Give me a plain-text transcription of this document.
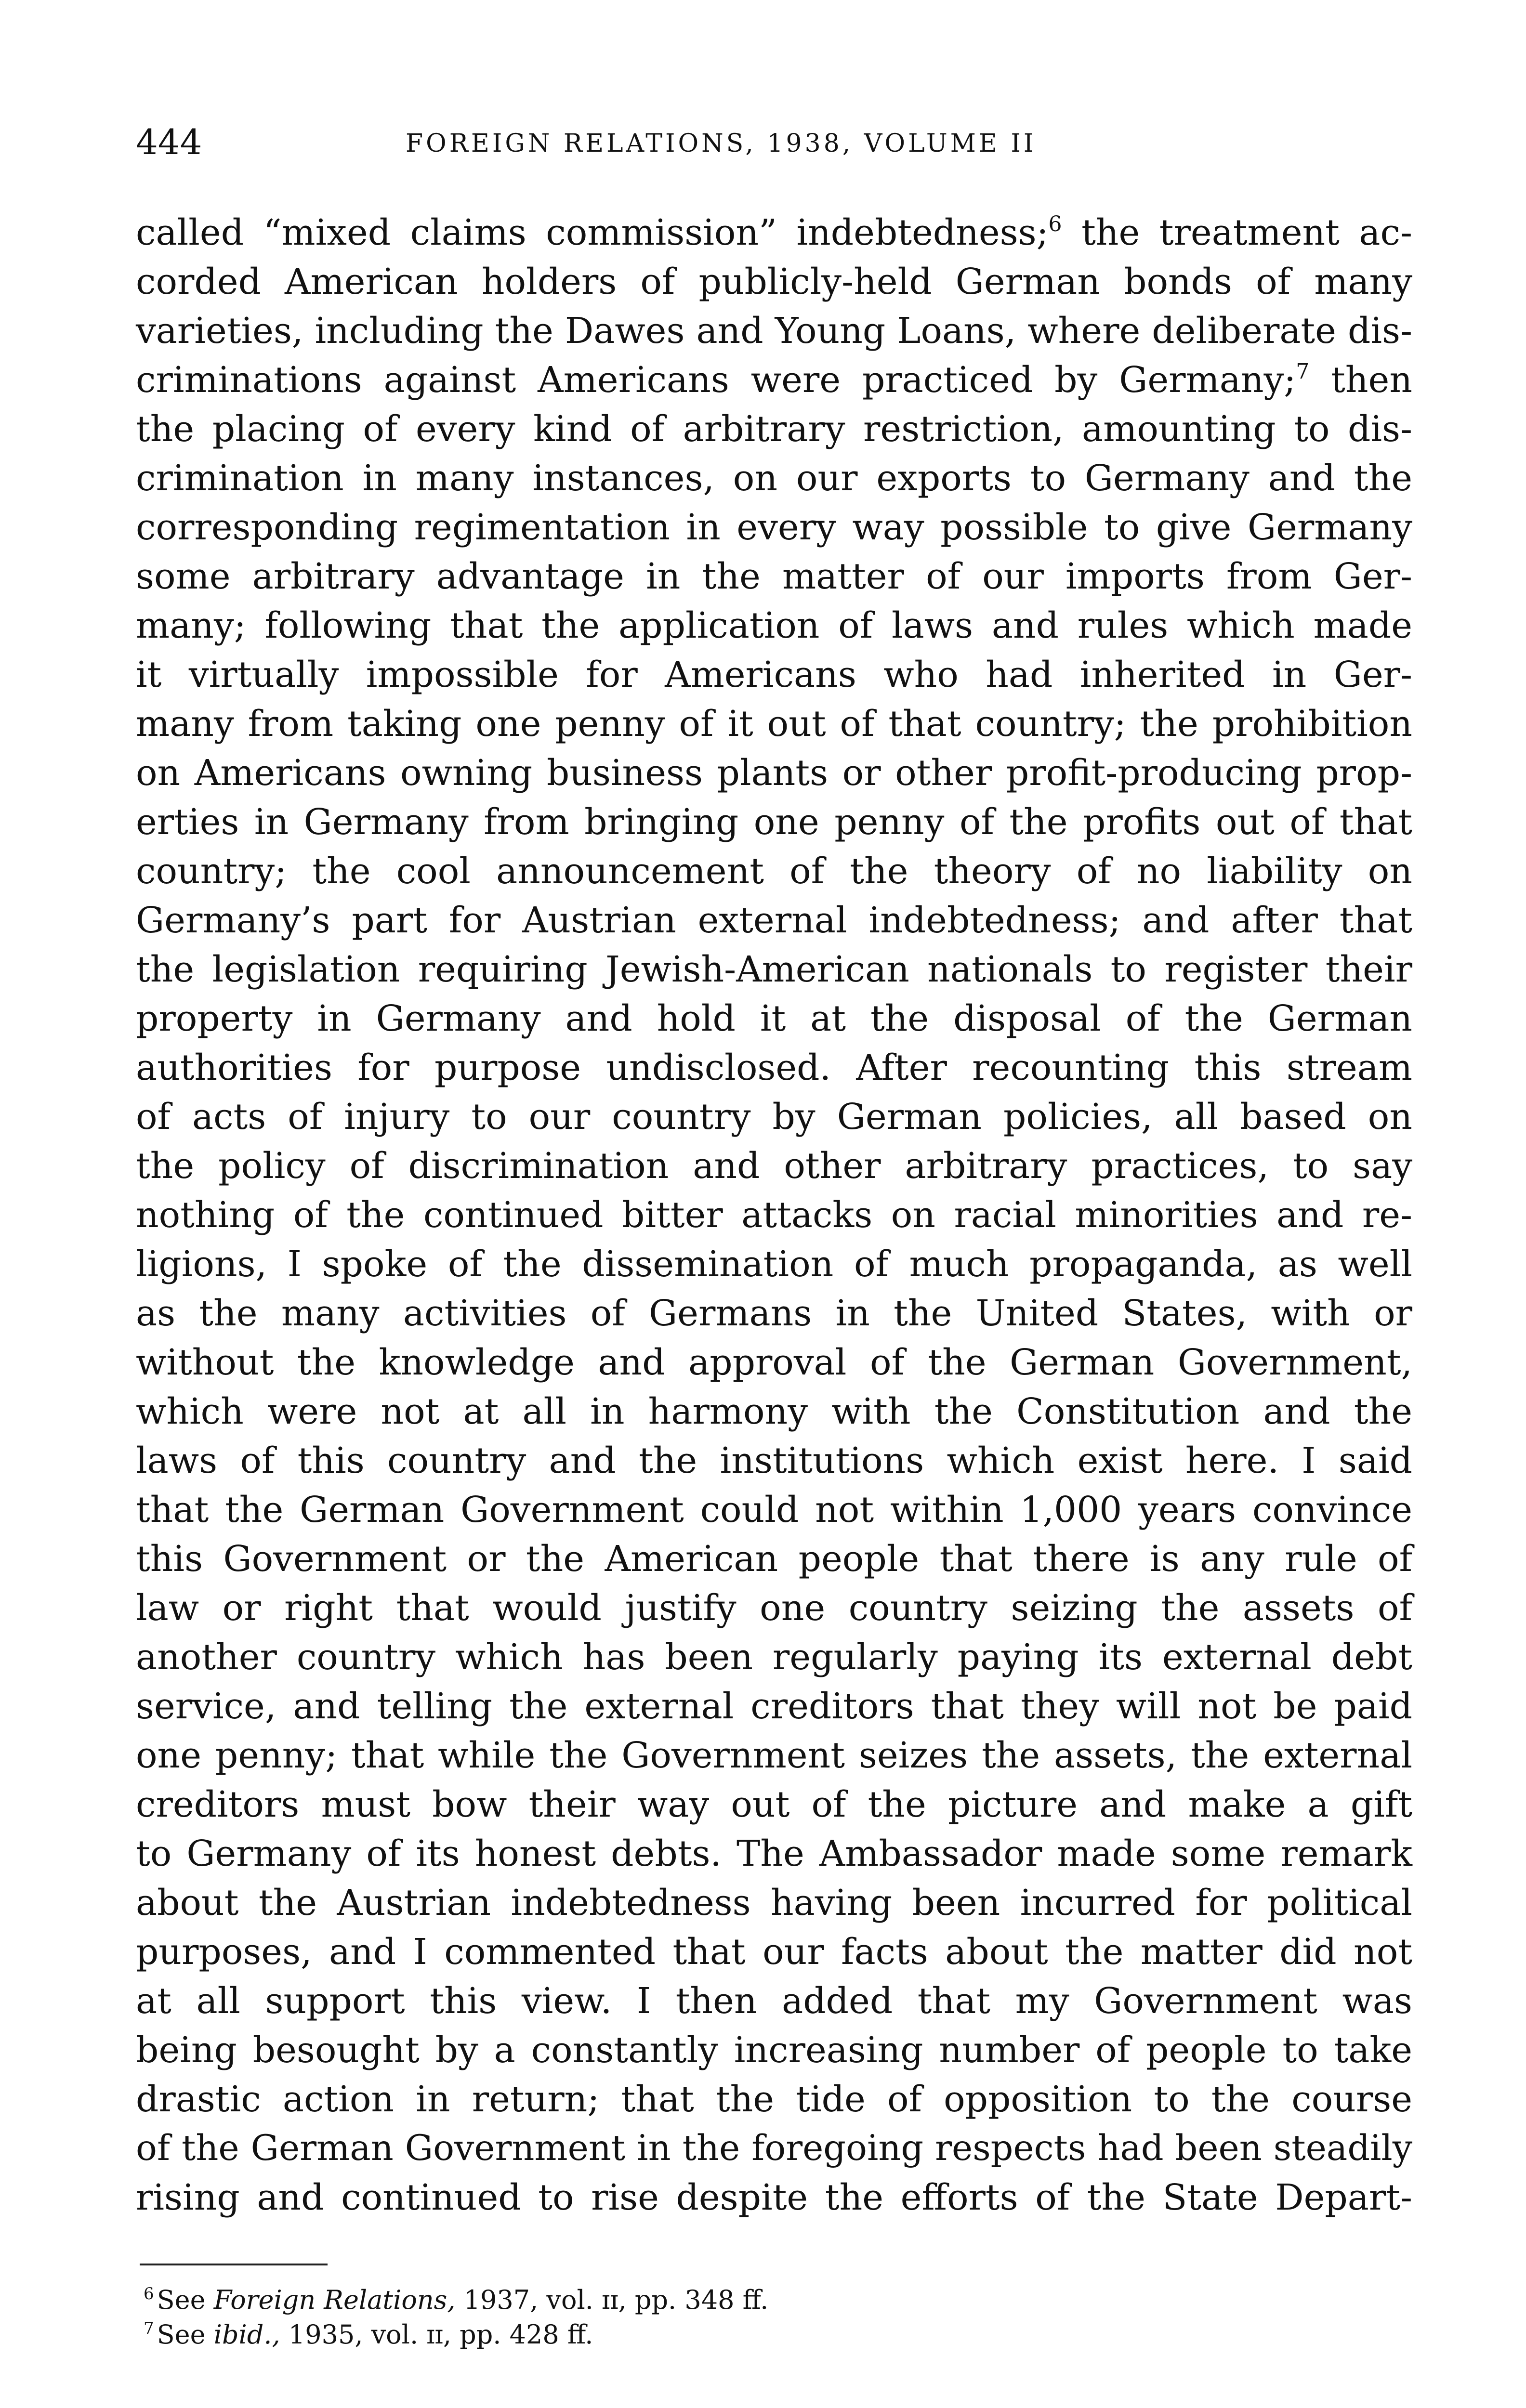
444	FOREIGN RELATIONS, 1938, VOLUME II
called “mixed claims commission” indebtedness;$^6$ the treatment ac-
corded American holders of publicly-held German bonds of many
varieties, including the Dawes and Young Loans, where deliberate dis-
criminations against Americans were practiced by Germany;$^7$ then
the placing of every kind of arbitrary restriction, amounting to dis-
crimination in many instances, on our exports to Germany and the
corresponding regimentation in every way possible to give Germany
some arbitrary advantage in the matter of our imports from Ger-
many; following that the application of laws and rules which made
it virtually impossible for Americans who had inherited in Ger-
many from taking one penny of it out of that country; the prohibition
on Americans owning business plants or other profit-producing prop-
erties in Germany from bringing one penny of the profits out of that
country; the cool announcement of the theory of no liability on
Germany’s part for Austrian external indebtedness; and after that
the legislation requiring Jewish-American nationals to register their
property in Germany and hold it at the disposal of the German
authorities for purpose undisclosed. After recounting this stream
of acts of injury to our country by German policies, all based on
the policy of discrimination and other arbitrary practices, to say
nothing of the continued bitter attacks on racial minorities and re-
ligions, I spoke of the dissemination of much propaganda, as well
as the many activities of Germans in the United States, with or
without the knowledge and approval of the German Government,
which were not at all in harmony with the Constitution and the
laws of this country and the institutions which exist here. I said
that the German Government could not within 1,000 years convince
this Government or the American people that there is any rule of
law or right that would justify one country seizing the assets of
another country which has been regularly paying its external debt
service, and telling the external creditors that they will not be paid
one penny; that while the Government seizes the assets, the external
creditors must bow their way out of the picture and make a gift
to Germany of its honest debts. The Ambassador made some remark
about the Austrian indebtedness having been incurred for political
purposes, and I commented that our facts about the matter did not
at all support this view. I then added that my Government was
being besought by a constantly increasing number of people to take
drastic action in return; that the tide of opposition to the course
of the German Government in the foregoing respects had been steadily
rising and continued to rise despite the efforts of the State Depart-
$^6$ See Foreign Relations, 1937, vol. ɪɪ, pp. 348 ff.
$^7$ See ibid., 1935, vol. ɪɪ, pp. 428 ff.
